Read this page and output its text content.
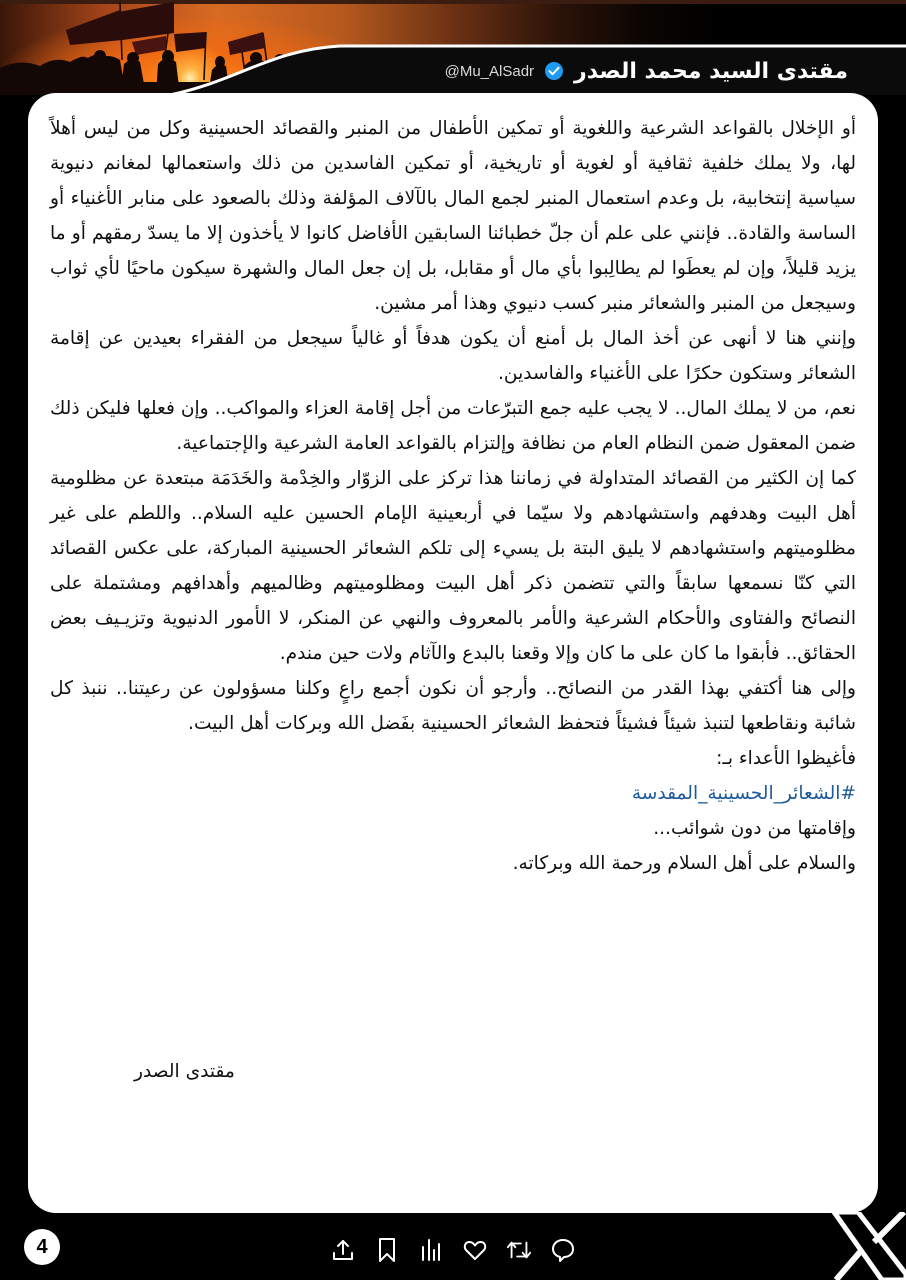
مقتدى السيد محمد الصدر
@Mu_AlSadr

أو الإخلال بالقواعد الشرعية واللغوية أو تمكين الأطفال من المنبر والقصائد الحسينية وكل من ليس أهلاً لها، ولا يملك خلفية ثقافية أو لغوية أو تاريخية، أو تمكين الفاسدين من ذلك واستعمالها لمغانم دنيوية سياسية إنتخابية، بل وعدم استعمال المنبر لجمع المال بالآلاف المؤلفة وذلك بالصعود على منابر الأغنياء أو الساسة والقادة.. فإنني على علم أن جلّ خطبائنا السابقين الأفاضل كانوا لا يأخذون إلا ما يسدّ رمقهم أو ما يزيد قليلاً، وإن لم يعطَوا لم يطالِبوا بأي مال أو مقابل، بل إن جعل المال والشهرة سيكون ماحيًا لأي ثواب وسيجعل من المنبر والشعائر منبر كسب دنيوي وهذا أمر مشين.

وإنني هنا لا أنهى عن أخذ المال بل أمنع أن يكون هدفاً أو غالياً سيجعل من الفقراء بعيدين عن إقامة الشعائر وستكون حكرًا على الأغنياء والفاسدين.

نعم، من لا يملك المال.. لا يجب عليه جمع التبرّعات من أجل إقامة العزاء والمواكب.. وإن فعلها فليكن ذلك ضمن المعقول ضمن النظام العام من نظافة وإلتزام بالقواعد العامة الشرعية والإجتماعية.

كما إن الكثير من القصائد المتداولة في زماننا هذا تركز على الزوّار والخِدْمة والخَدَمَة مبتعدة عن مظلومية أهل البيت وهدفهم واستشهادهم ولا سيّما في أربعينية الإمام الحسين عليه السلام.. واللطم على غير مظلوميتهم واستشهادهم لا يليق البتة بل يسيء إلى تلكم الشعائر الحسينية المباركة، على عكس القصائد التي كنّا نسمعها سابقاً والتي تتضمن ذكر أهل البيت ومظلوميتهم وظالميهم وأهدافهم ومشتملة على النصائح والفتاوى والأحكام الشرعية والأمر بالمعروف والنهي عن المنكر، لا الأمور الدنيوية وتزيـيف بعض الحقائق.. فأبقوا ما كان على ما كان وإلا وقعنا بالبدع والآثام ولات حين مندم.

وإلى هنا أكتفي بهذا القدر من النصائح.. وأرجو أن نكون أجمع راعٍ وكلنا مسؤولون عن رعيتنا.. ننبذ كل شائبة ونقاطعها لتنبذ شيئاً فشيئاً فتحفظ الشعائر الحسينية بفَضل الله وبركات أهل البيت.

فأغيظوا الأعداء بـ:

#الشعائر_الحسينية_المقدسة

وإقامتها من دون شوائب...

والسلام على أهل السلام ورحمة الله وبركاته.

مقتدى الصدر
4
